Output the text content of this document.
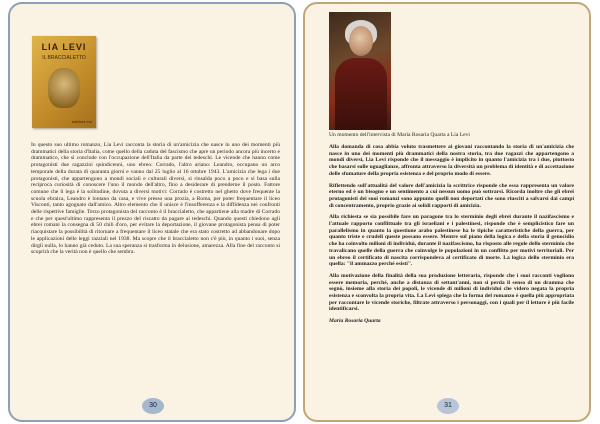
LIA LEVI
IL BRACCIALETTO
edizioni e/o
In questo suo ultimo romanzo, Lia Levi racconta la storia di un'amicizia che nasce in uno dei momenti più drammatici della storia d'Italia, come quello della caduta del fascismo che apre un periodo ancora più incerto e drammatico, che si conclude con l'occupazione dell'Italia da parte dei tedeschi. Le vicende che hanno come protagonisti due ragazzini quindicenni, uno ebreo: Corrado, l'altro ariano: Leandro, occupano un arco temporale della durata di quaranta giorni e vanno dal 25 luglio al 16 ottobre 1943. L'amicizia che lega i due protagonisti, che appartengono a mondi sociali e culturali diversi, si rinsalda poco a poco e si basa sulla reciproca curiosità di conoscere l'uno il mondo dell'altro, fino a desiderare di prenderne il posto. Fattore comune che li lega è la solitudine, dovuta a diversi motivi: Corrado è costretto nel ghetto dove frequente la scuola ebraica, Leandro è lontano da casa, e vive presso una prozia, a Roma, per poter frequentare il liceo Visconti, tanto agognato dall'amico. Altro elemento che li unisce è l'insofferenza e la diffidenza nei confronti delle rispettive famiglie. Terzo protagonista del racconto è il braccialetto, che appartiene alla madre di Corrado e che per quest'ultimo rappresenta il prezzo del riscatto da pagare ai tedeschi. Quando questi chiedono agli ebrei romani la consegna di 50 chili d'oro, per evitare la deportazione, il giovane protagonista pensa di poter riacquistare la possibilità di ritornare a frequentare il liceo statale che era stato costretto ad abbandonare dopo le applicazioni delle leggi razziali nel 1938. Ma scopre che il braccialetto non c'è più, in quanto i suoi, senza dirgli nulla, lo hanno già ceduto. La sua speranza si trasforma in delusione, amarezza. Alla fine del racconto si scoprirà che la verità non è quello che sembra.
30
Un momento dell'intervista di Maria Rosaria Quarta a Lia Levi

Alla domanda di cosa abbia voluto trasmettere ai giovani raccontando la storia di un'amicizia che nasce in uno dei momenti più drammatici della nostra storia, tra due ragazzi che appartengono a mondi diversi, Lia Levi risponde che il messaggio è implicito in quanto l'amicizia tra i due, piuttosto che basarsi sulle uguaglianze, affronta attraverso la diversità un problema di identità e di accettazione delle sfumature della propria esistenza e del proprio modo di essere.

Riflettendo sull'attualità del valore dell'amicizia la scrittrice risponde che essa rappresenta un valore eterno ed è un bisogno e un sentimento a cui nessun uomo può sottrarsi. Ricorda inoltre che gli ebrei protagonisti dei suoi romanzi sono appunto quelli non deportati che sono riusciti a salvarsi dai campi di concentramento, proprio grazie ai solidi rapporti di amicizia.

Alla richiesta se sia possibile fare un paragone tra lo sterminio degli ebrei durante il nazifascismo e l'attuale rapporto conflittuale tra gli israeliani e i palestinesi, risponde che è semplicistico fare un parallelismo in quanto la questione arabo palestinese ha le tipiche caratteristiche della guerra, per quanto triste e crudeli queste possano essere. Mentre sul piano della logica e della storia il genocidio che ha coinvolto milioni di individui, durante il nazifascismo, ha risposto alle regole dello sterminio che travalicano quelle della guerra che coinvolge le popolazioni in un conflitto per motivi territoriali. Per un ebreo il certificato di nascita corrispondeva al certificato di morte. La logica dello sterminio era quella: "il ammazzo perché esisti".

Alla motivazione della finalità della sua produzione letteraria, risponde che i suoi racconti vogliono essere memoria, perché, anche a distanza di settant'anni, non si perda il senso di un dramma che segnò, insieme alla storia dei popoli, le vicende di milioni di individui che videro negata la propria esistenza e sconvolta la propria vita. La Levi spiega che la forma del romanzo è quella più appropriata per raccontare le vicende storiche, filtrate attraverso i personaggi, con i quali per il lettore è più facile identificarsi.

Maria Rosaria Quarta

31
